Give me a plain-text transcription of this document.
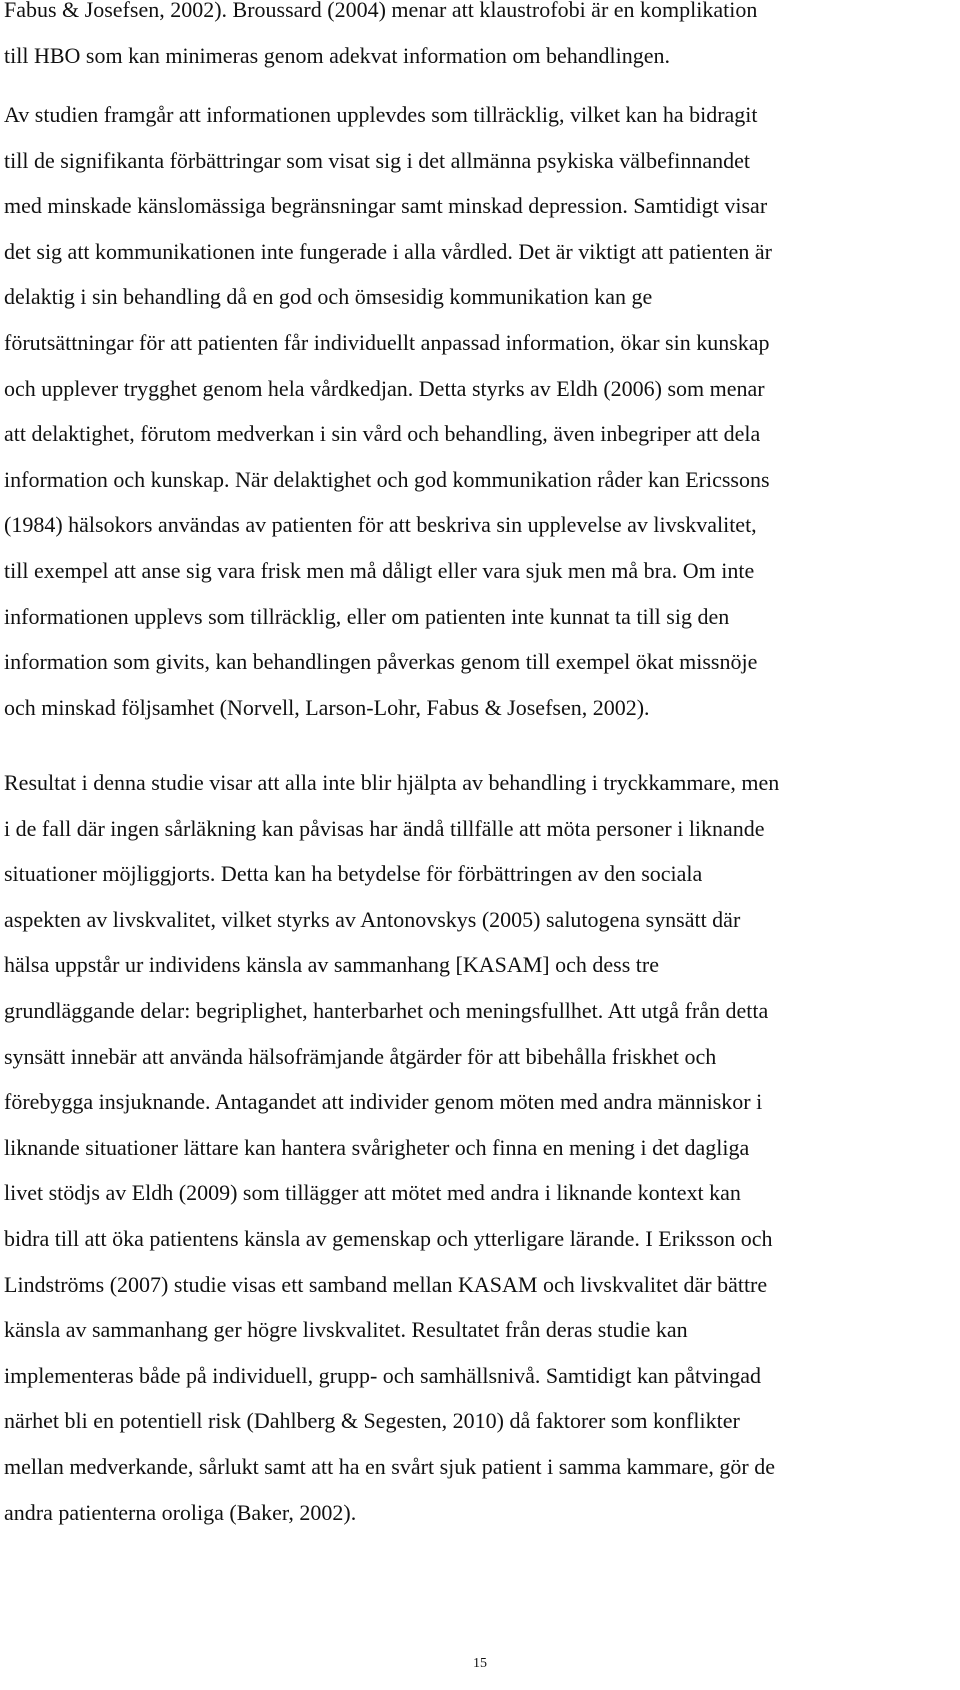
Fabus & Josefsen, 2002). Broussard (2004) menar att klaustrofobi är en komplikation
till HBO som kan minimeras genom adekvat information om behandlingen.
Av studien framgår att informationen upplevdes som tillräcklig, vilket kan ha bidragit
till de signifikanta förbättringar som visat sig i det allmänna psykiska välbefinnandet
med minskade känslomässiga begränsningar samt minskad depression. Samtidigt visar
det sig att kommunikationen inte fungerade i alla vårdled. Det är viktigt att patienten är
delaktig i sin behandling då en god och ömsesidig kommunikation kan ge
förutsättningar för att patienten får individuellt anpassad information, ökar sin kunskap
och upplever trygghet genom hela vårdkedjan. Detta styrks av Eldh (2006) som menar
att delaktighet, förutom medverkan i sin vård och behandling, även inbegriper att dela
information och kunskap. När delaktighet och god kommunikation råder kan Ericssons
(1984) hälsokors användas av patienten för att beskriva sin upplevelse av livskvalitet,
till exempel att anse sig vara frisk men må dåligt eller vara sjuk men må bra. Om inte
informationen upplevs som tillräcklig, eller om patienten inte kunnat ta till sig den
information som givits, kan behandlingen påverkas genom till exempel ökat missnöje
och minskad följsamhet (Norvell, Larson-Lohr, Fabus & Josefsen, 2002).
Resultat i denna studie visar att alla inte blir hjälpta av behandling i tryckkammare, men
i de fall där ingen sårläkning kan påvisas har ändå tillfälle att möta personer i liknande
situationer möjliggjorts. Detta kan ha betydelse för förbättringen av den sociala
aspekten av livskvalitet, vilket styrks av Antonovskys (2005) salutogena synsätt där
hälsa uppstår ur individens känsla av sammanhang [KASAM] och dess tre
grundläggande delar: begriplighet, hanterbarhet och meningsfullhet. Att utgå från detta
synsätt innebär att använda hälsofrämjande åtgärder för att bibehålla friskhet och
förebygga insjuknande. Antagandet att individer genom möten med andra människor i
liknande situationer lättare kan hantera svårigheter och finna en mening i det dagliga
livet stödjs av Eldh (2009) som tillägger att mötet med andra i liknande kontext kan
bidra till att öka patientens känsla av gemenskap och ytterligare lärande. I Eriksson och
Lindströms (2007) studie visas ett samband mellan KASAM och livskvalitet där bättre
känsla av sammanhang ger högre livskvalitet. Resultatet från deras studie kan
implementeras både på individuell, grupp- och samhällsnivå. Samtidigt kan påtvingad
närhet bli en potentiell risk (Dahlberg & Segesten, 2010) då faktorer som konflikter
mellan medverkande, sårlukt samt att ha en svårt sjuk patient i samma kammare, gör de
andra patienterna oroliga (Baker, 2002).
15
